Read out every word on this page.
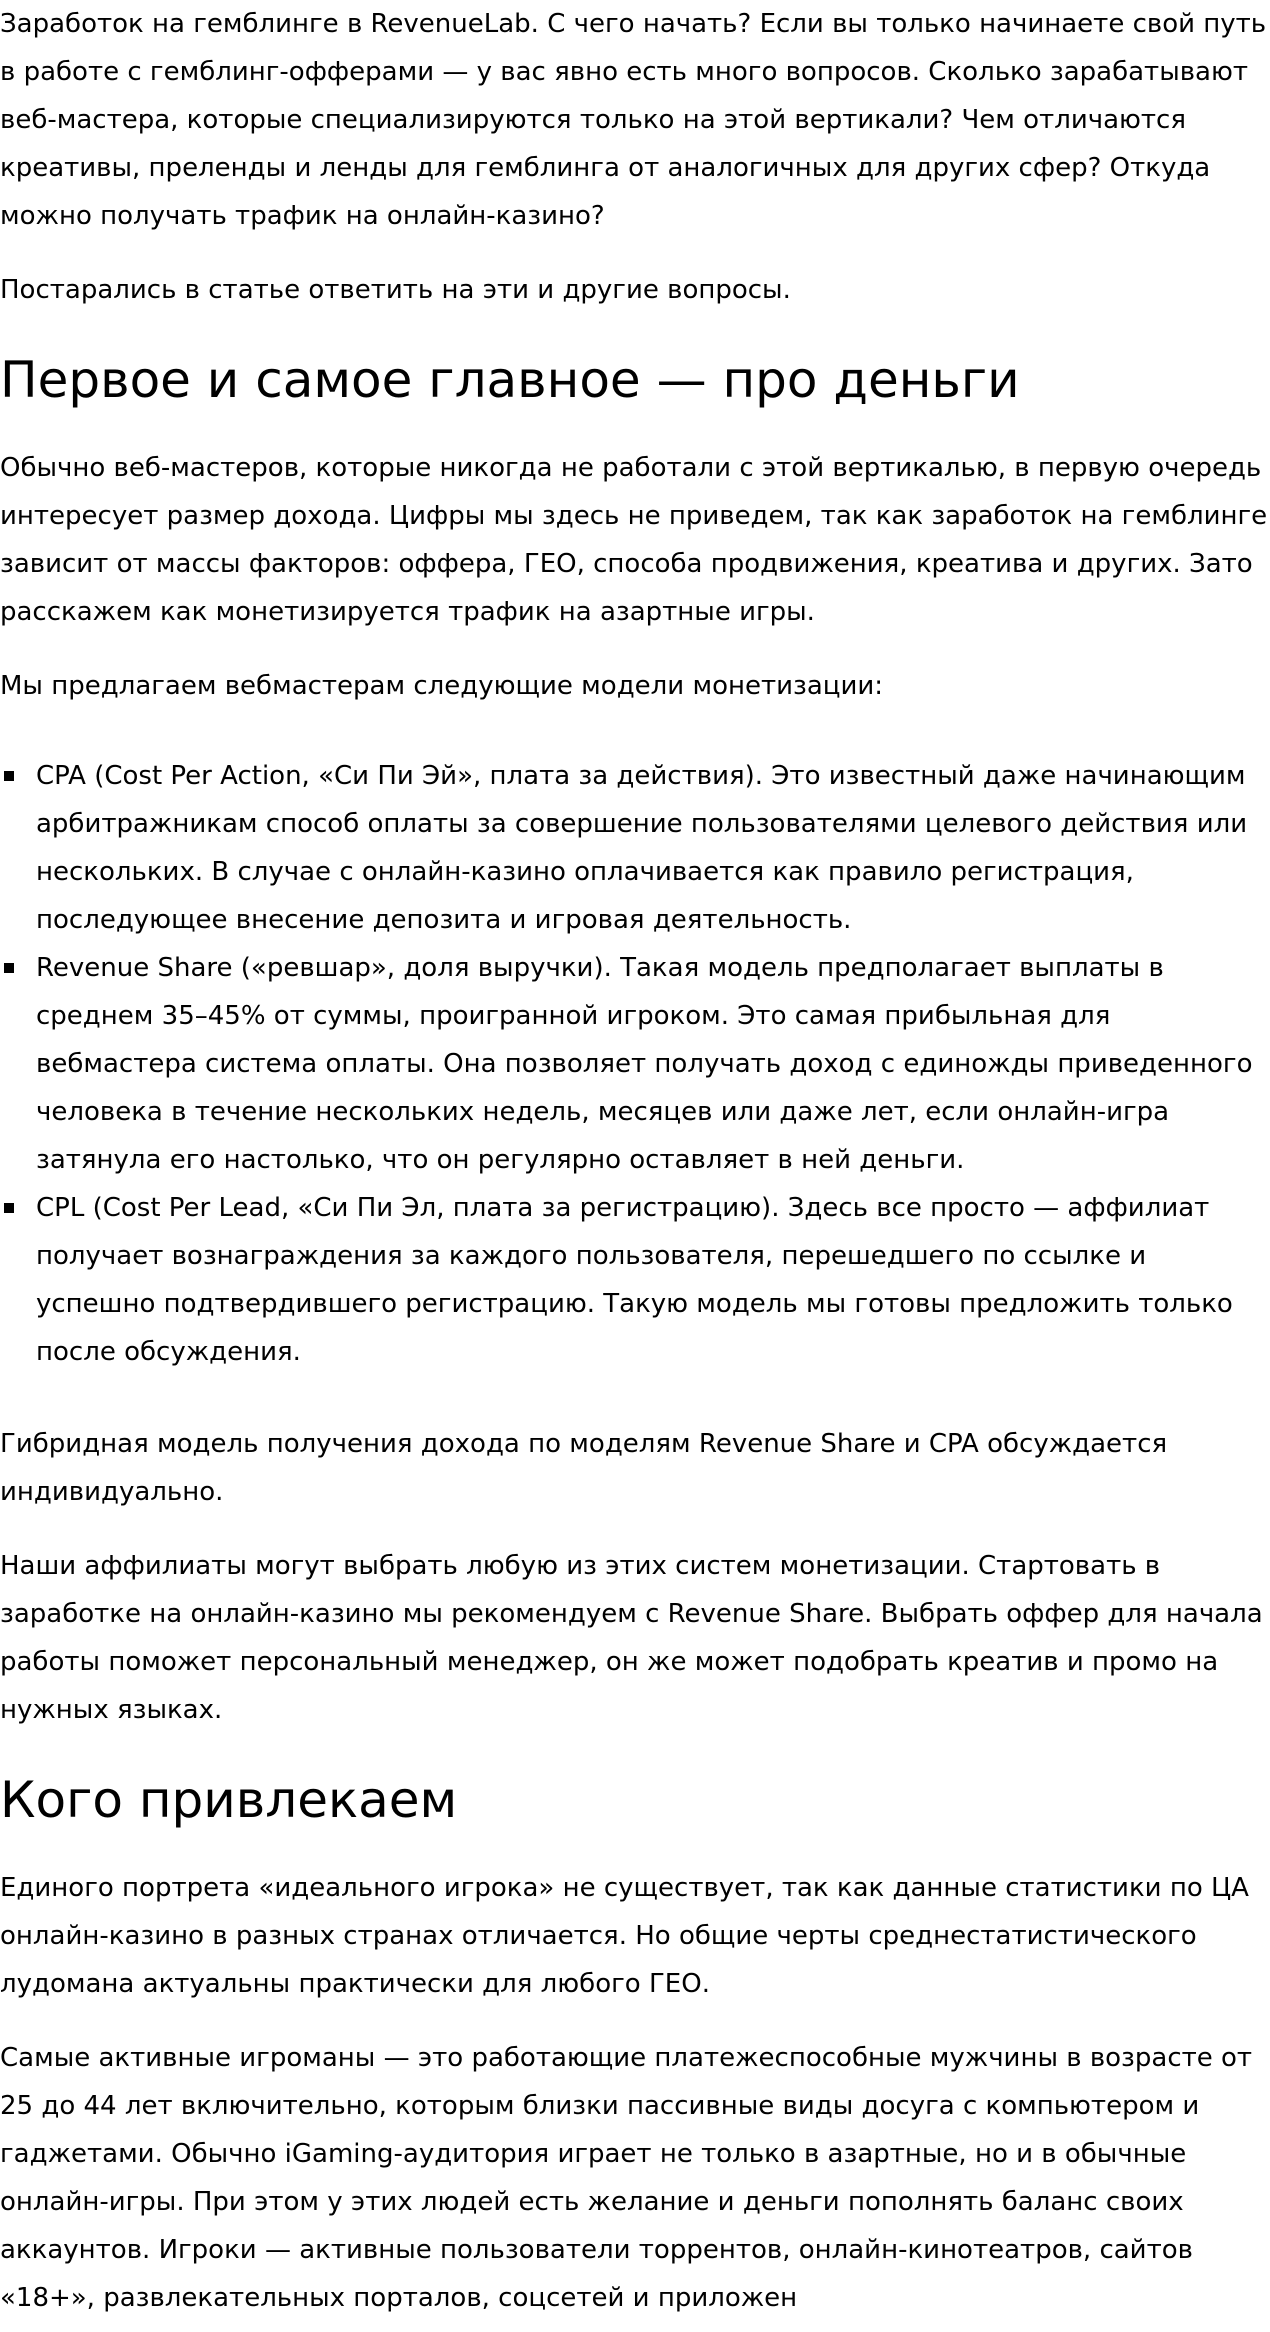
Заработок на гемблинге в RevenueLab. С чего начать? Если вы только начинаете свой путь в работе с гемблинг-офферами — у вас явно есть много вопросов. Сколько зарабатывают веб-мастера, которые специализируются только на этой вертикали? Чем отличаются креативы, преленды и ленды для гемблинга от аналогичных для других сфер? Откуда можно получать трафик на онлайн-казино?

Постарались в статье ответить на эти и другие вопросы.

Первое и самое главное — про деньги

Обычно веб-мастеров, которые никогда не работали с этой вертикалью, в первую очередь интересует размер дохода. Цифры мы здесь не приведем, так как заработок на гемблинге зависит от массы факторов: оффера, ГЕО, способа продвижения, креатива и других. Зато расскажем как монетизируется трафик на азартные игры.

Мы предлагаем вебмастерам следующие модели монетизации:

CPA (Cost Per Action, «Си Пи Эй», плата за действия). Это известный даже начинающим арбитражникам способ оплаты за совершение пользователями целевого действия или нескольких. В случае с онлайн-казино оплачивается как правило регистрация, последующее внесение депозита и игровая деятельность.
Revenue Share («ревшар», доля выручки). Такая модель предполагает выплаты в среднем 35–45% от суммы, проигранной игроком. Это самая прибыльная для вебмастера система оплаты. Она позволяет получать доход с единожды приведенного человека в течение нескольких недель, месяцев или даже лет, если онлайн-игра затянула его настолько, что он регулярно оставляет в ней деньги.
CPL (Cost Per Lead, «Си Пи Эл, плата за регистрацию). Здесь все просто — аффилиат получает вознаграждения за каждого пользователя, перешедшего по ссылке и успешно подтвердившего регистрацию. Такую модель мы готовы предложить только после обсуждения.

Гибридная модель получения дохода по моделям Revenue Share и CPA обсуждается индивидуально.

Наши аффилиаты могут выбрать любую из этих систем монетизации. Стартовать в заработке на онлайн-казино мы рекомендуем с Revenue Share. Выбрать оффер для начала работы поможет персональный менеджер, он же может подобрать креатив и промо на нужных языках.

Кого привлекаем

Единого портрета «идеального игрока» не существует, так как данные статистики по ЦА онлайн-казино в разных странах отличается. Но общие черты среднестатистического лудомана актуальны практически для любого ГЕО.

Самые активные игроманы — это работающие платежеспособные мужчины в возрасте от 25 до 44 лет включительно, которым близки пассивные виды досуга с компьютером и гаджетами. Обычно iGaming-аудитория играет не только в азартные, но и в обычные онлайн-игры. При этом у этих людей есть желание и деньги пополнять баланс своих аккаунтов. Игроки — активные пользователи торрентов, онлайн-кинотеатров, сайтов «18+», развлекательных порталов, соцсетей и приложен
